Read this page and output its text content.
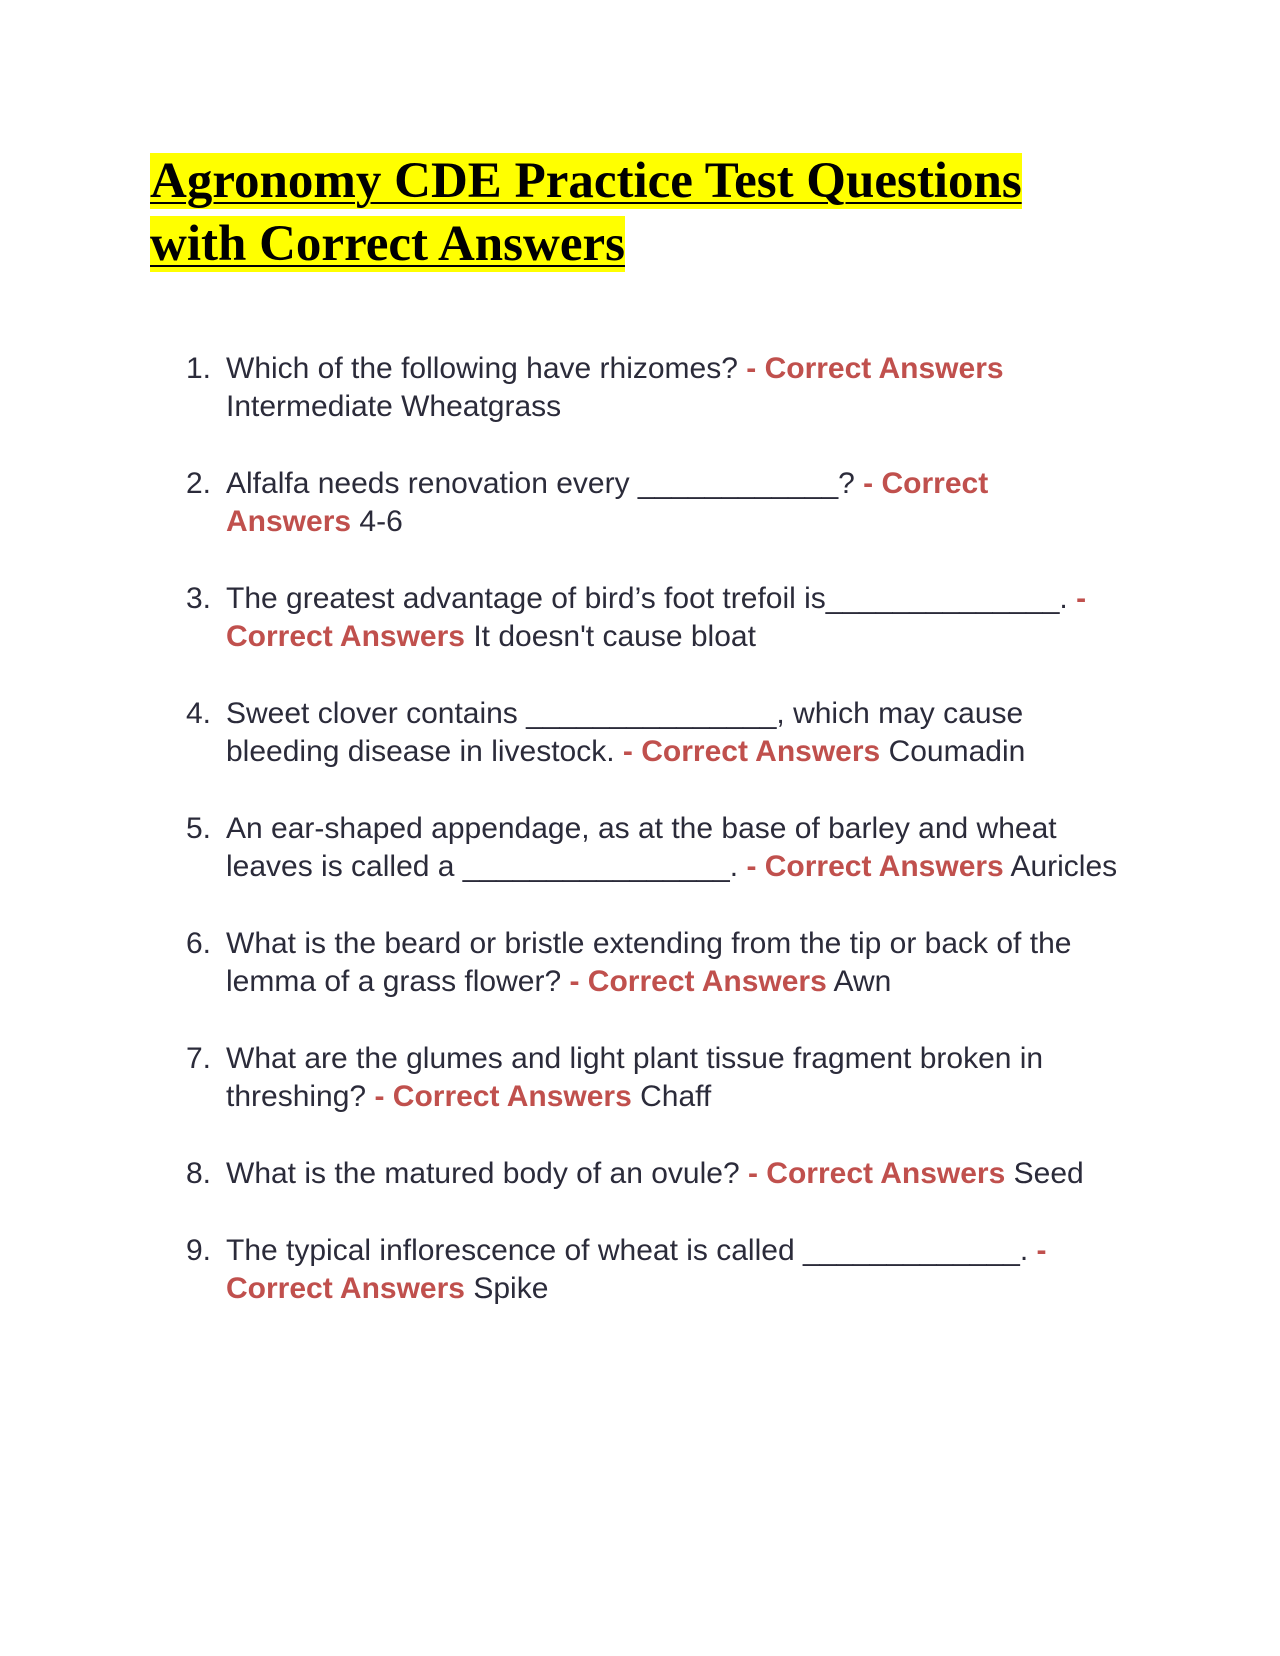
Agronomy CDE Practice Test Questions with Correct Answers
1. Which of the following have rhizomes? - Correct Answers Intermediate Wheatgrass
2. Alfalfa needs renovation every ____________? - Correct Answers 4-6
3. The greatest advantage of bird’s foot trefoil is______________. - Correct Answers It doesn't cause bloat
4. Sweet clover contains _______________, which may cause bleeding disease in livestock. - Correct Answers Coumadin
5. An ear-shaped appendage, as at the base of barley and wheat leaves is called a ________________. - Correct Answers Auricles
6. What is the beard or bristle extending from the tip or back of the lemma of a grass flower? - Correct Answers Awn
7. What are the glumes and light plant tissue fragment broken in threshing? - Correct Answers Chaff
8. What is the matured body of an ovule? - Correct Answers Seed
9. The typical inflorescence of wheat is called _____________. - Correct Answers Spike
